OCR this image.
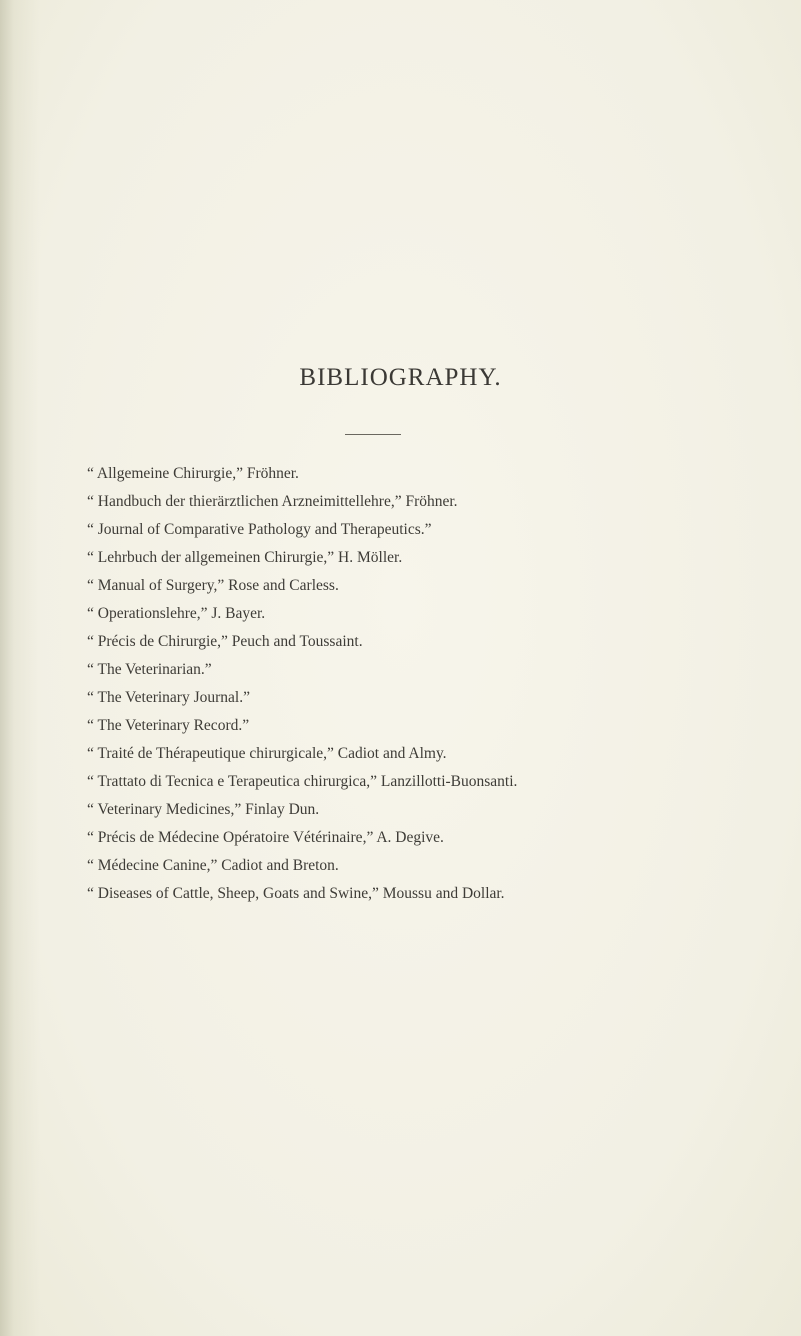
BIBLIOGRAPHY.
“ Allgemeine Chirurgie,” Fröhner.
“ Handbuch der thierärztlichen Arzneimittellehre,” Fröhner.
“ Journal of Comparative Pathology and Therapeutics.”
“ Lehrbuch der allgemeinen Chirurgie,” H. Möller.
“ Manual of Surgery,” Rose and Carless.
“ Operationslehre,” J. Bayer.
“ Précis de Chirurgie,” Peuch and Toussaint.
“ The Veterinarian.”
“ The Veterinary Journal.”
“ The Veterinary Record.”
“ Traité de Thérapeutique chirurgicale,” Cadiot and Almy.
“ Trattato di Tecnica e Terapeutica chirurgica,” Lanzillotti-Buonsanti.
“ Veterinary Medicines,” Finlay Dun.
“ Précis de Médecine Opératoire Vétérinaire,” A. Degive.
“ Médecine Canine,” Cadiot and Breton.
“ Diseases of Cattle, Sheep, Goats and Swine,” Moussu and Dollar.
